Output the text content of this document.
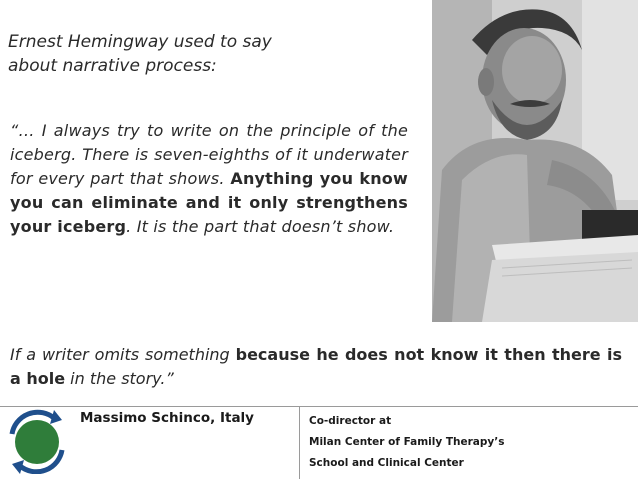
Ernest Hemingway used to say
about narrative process:

“… I always try to write on the principle of the iceberg. There is seven-eighths of it underwater for every part that shows. Anything you know you can eliminate and it only strengthens your iceberg. It is the part that doesn’t show.

If a writer omits something because he does not know it then there is a hole in the story.”

Massimo Schinco, Italy	Co-director at
Milan Center of Family Therapy’s
School and Clinical Center
